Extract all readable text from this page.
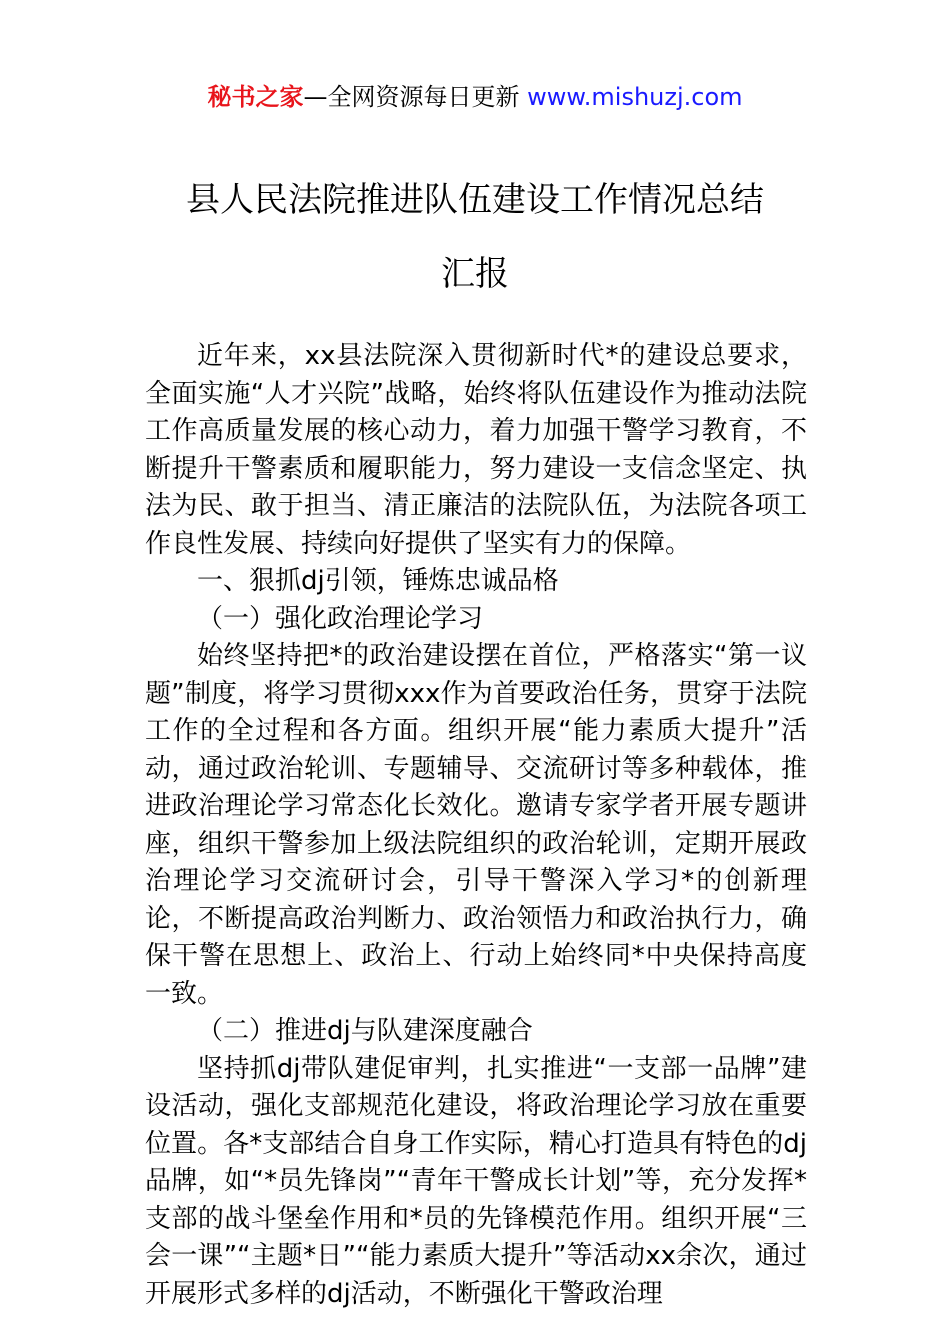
秘书之家—全网资源每日更新 www.mishuzj.com
县人民法院推进队伍建设工作情况总结
汇报

近年来，xx县法院深入贯彻新时代*的建设总要求，全面实施“人才兴院”战略，始终将队伍建设作为推动法院工作高质量发展的核心动力，着力加强干警学习教育，不断提升干警素质和履职能力，努力建设一支信念坚定、执法为民、敢于担当、清正廉洁的法院队伍，为法院各项工作良性发展、持续向好提供了坚实有力的保障。

一、狠抓dj引领，锤炼忠诚品格

（一）强化政治理论学习

始终坚持把*的政治建设摆在首位，严格落实“第一议题”制度，将学习贯彻xxx作为首要政治任务，贯穿于法院工作的全过程和各方面。组织开展“能力素质大提升”活动，通过政治轮训、专题辅导、交流研讨等多种载体，推进政治理论学习常态化长效化。邀请专家学者开展专题讲座，组织干警参加上级法院组织的政治轮训，定期开展政治理论学习交流研讨会，引导干警深入学习*的创新理论，不断提高政治判断力、政治领悟力和政治执行力，确保干警在思想上、政治上、行动上始终同*中央保持高度一致。

（二）推进dj与队建深度融合

坚持抓dj带队建促审判，扎实推进“一支部一品牌”建设活动，强化支部规范化建设，将政治理论学习放在重要位置。各*支部结合自身工作实际，精心打造具有特色的dj品牌，如“*员先锋岗”“青年干警成长计划”等，充分发挥*支部的战斗堡垒作用和*员的先锋模范作用。组织开展“三会一课”“主题*日”“能力素质大提升”等活动xx余次，通过开展形式多样的dj活动，不断强化干警政治理
